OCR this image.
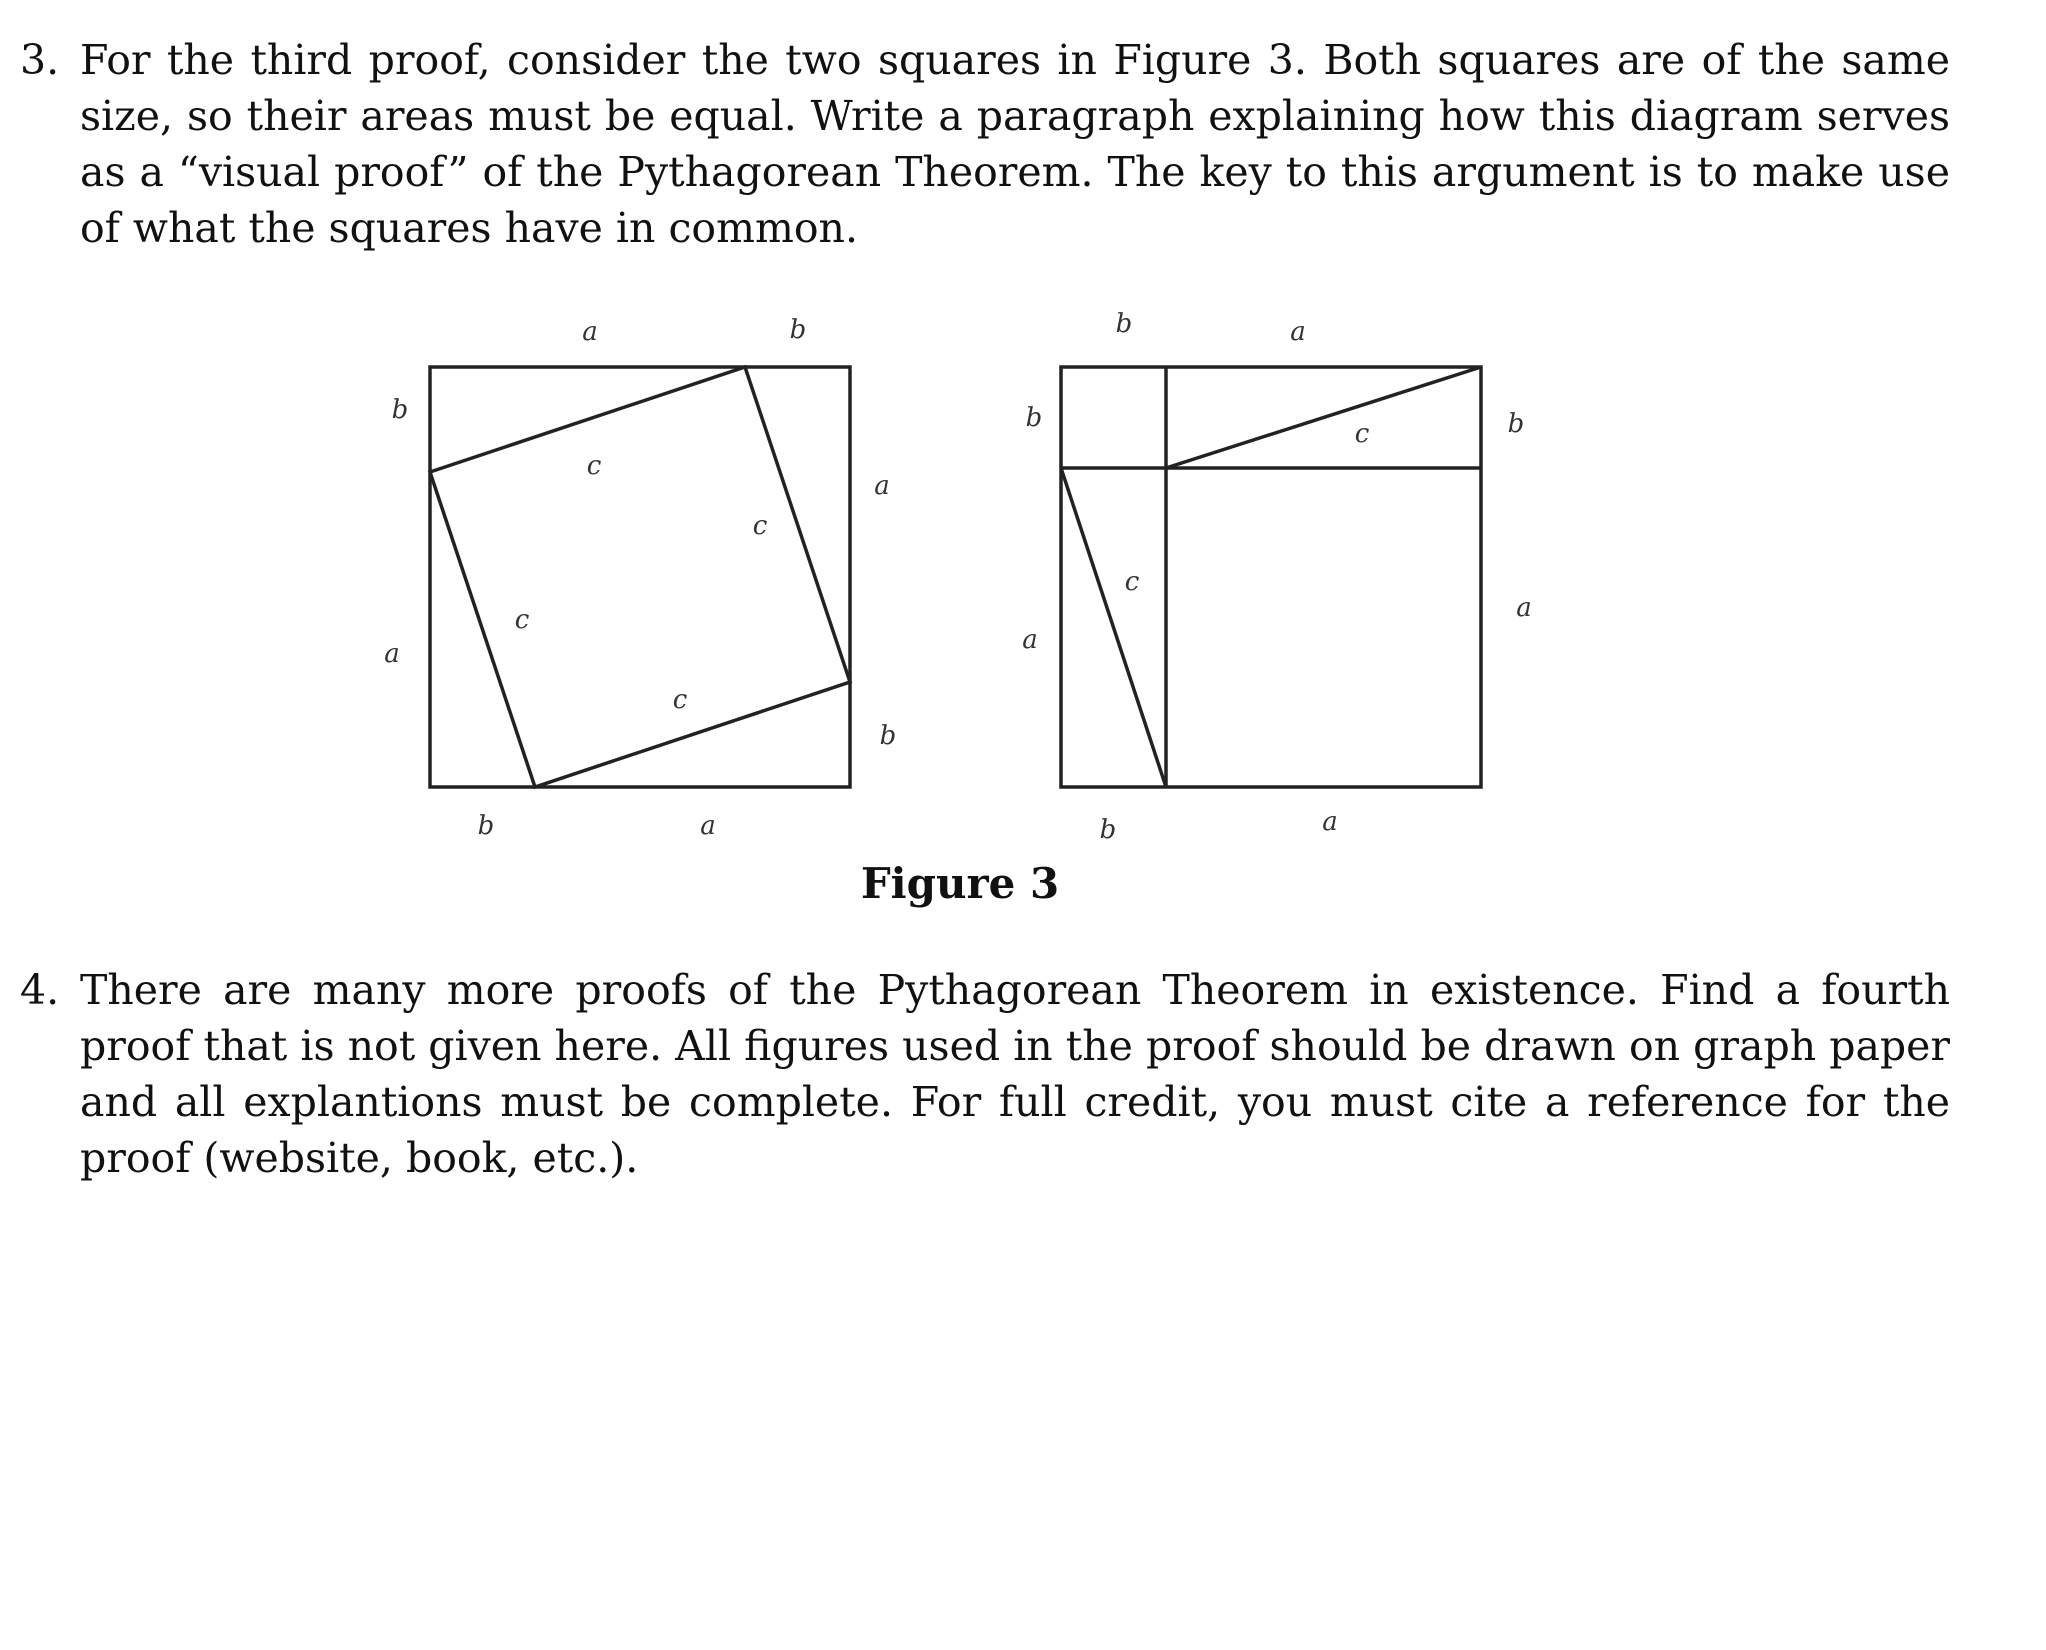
3. For the third proof, consider the two squares in Figure 3. Both squares are of the same size, so their areas must be equal. Write a paragraph explaining how this diagram serves as a “visual proof” of the Pythagorean Theorem. The key to this argument is to make use of what the squares have in common.
a	b
b
a
a
b
b	a
c
c
c
c
b	a
b
a
b
a
b	a
c
c
Figure 3
4. There are many more proofs of the Pythagorean Theorem in existence. Find a fourth proof that is not given here. All figures used in the proof should be drawn on graph paper and all explantions must be complete. For full credit, you must cite a reference for the proof (website, book, etc.).
